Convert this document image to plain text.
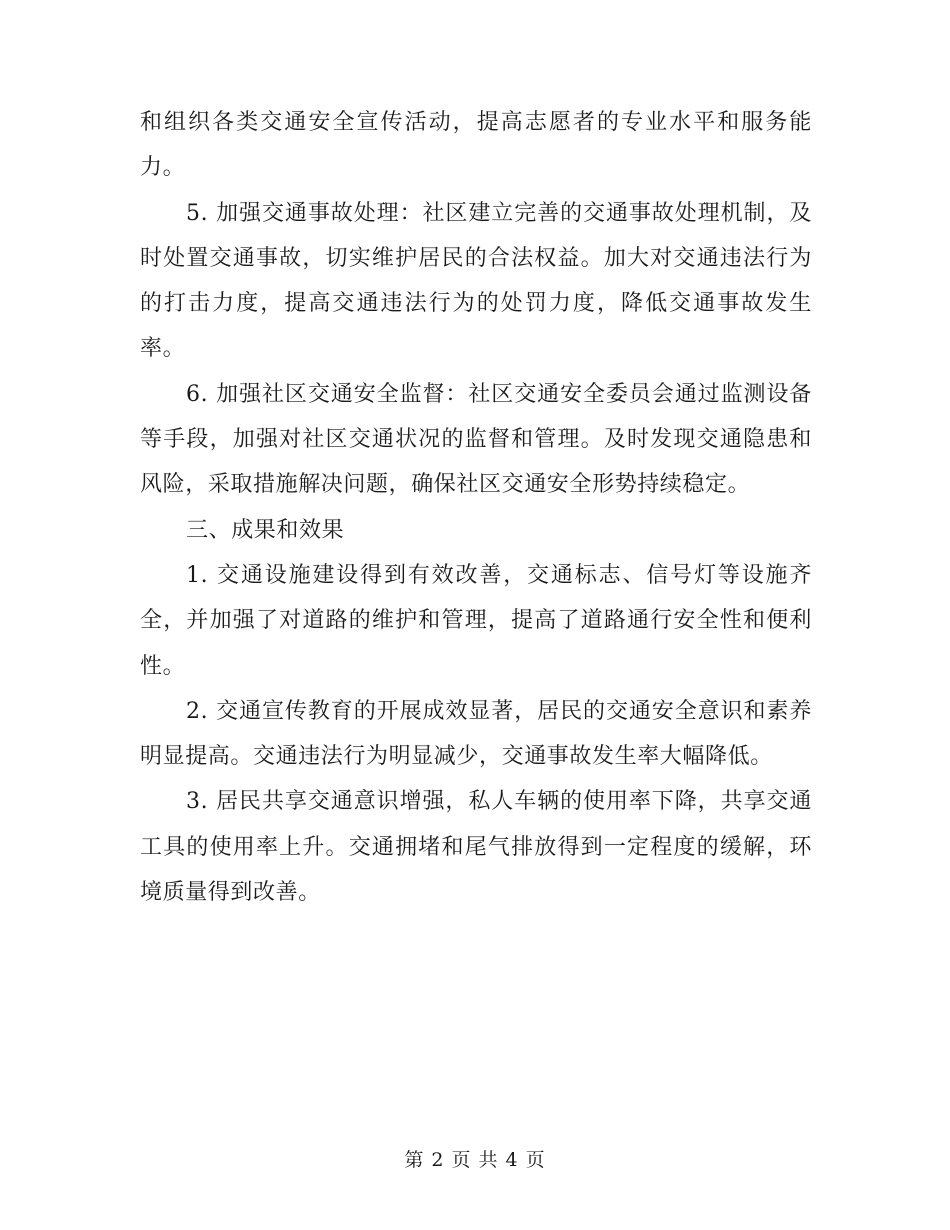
和组织各类交通安全宣传活动，提高志愿者的专业水平和服务能力。

5. 加强交通事故处理：社区建立完善的交通事故处理机制，及时处置交通事故，切实维护居民的合法权益。加大对交通违法行为的打击力度，提高交通违法行为的处罚力度，降低交通事故发生率。

6. 加强社区交通安全监督：社区交通安全委员会通过监测设备等手段，加强对社区交通状况的监督和管理。及时发现交通隐患和风险，采取措施解决问题，确保社区交通安全形势持续稳定。

三、成果和效果

1. 交通设施建设得到有效改善，交通标志、信号灯等设施齐全，并加强了对道路的维护和管理，提高了道路通行安全性和便利性。

2. 交通宣传教育的开展成效显著，居民的交通安全意识和素养明显提高。交通违法行为明显减少，交通事故发生率大幅降低。

3. 居民共享交通意识增强，私人车辆的使用率下降，共享交通工具的使用率上升。交通拥堵和尾气排放得到一定程度的缓解，环境质量得到改善。

第 2 页 共 4 页
